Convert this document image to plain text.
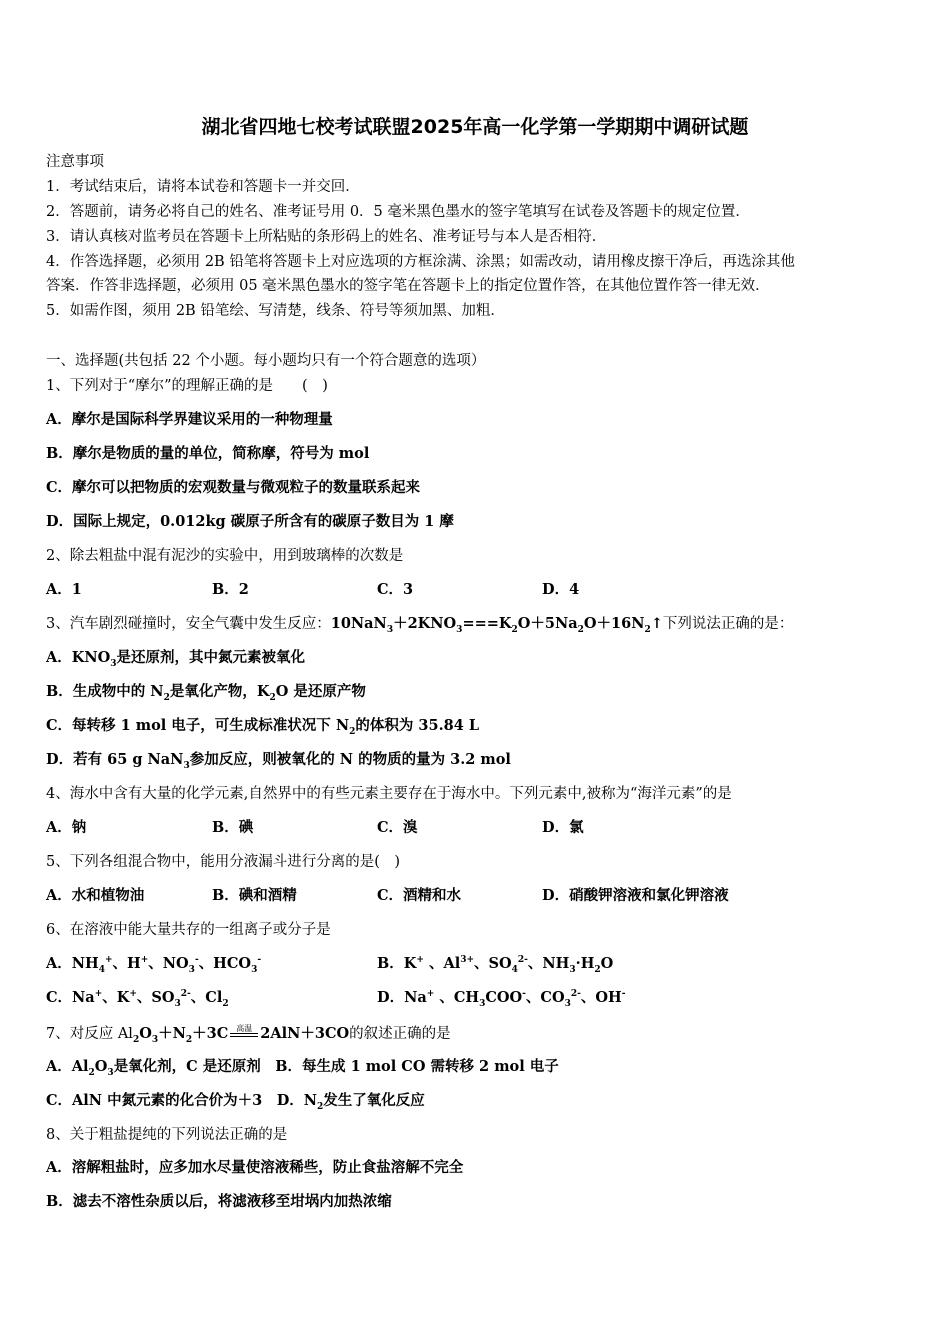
湖北省四地七校考试联盟2025年高一化学第一学期期中调研试题
注意事项
1．考试结束后，请将本试卷和答题卡一并交回．
2．答题前，请务必将自己的姓名、准考证号用 0．5 毫米黑色墨水的签字笔填写在试卷及答题卡的规定位置．
3．请认真核对监考员在答题卡上所粘贴的条形码上的姓名、准考证号与本人是否相符．
4．作答选择题，必须用 2B 铅笔将答题卡上对应选项的方框涂满、涂黑；如需改动，请用橡皮擦干净后，再选涂其他
答案．作答非选择题，必须用 05 毫米黑色墨水的签字笔在答题卡上的指定位置作答，在其他位置作答一律无效．
5．如需作图，须用 2B 铅笔绘、写清楚，线条、符号等须加黑、加粗．
一、选择题(共包括 22 个小题。每小题均只有一个符合题意的选项）
1、下列对于“摩尔”的理解正确的是　　(　)
A．摩尔是国际科学界建议采用的一种物理量
B．摩尔是物质的量的单位，简称摩，符号为 mol
C．摩尔可以把物质的宏观数量与微观粒子的数量联系起来
D．国际上规定，0.012kg 碳原子所含有的碳原子数目为 1 摩
2、除去粗盐中混有泥沙的实验中，用到玻璃棒的次数是
A．1	B．2	C．3	D．4
3、汽车剧烈碰撞时，安全气囊中发生反应：$10NaN_3+2KNO_3===K_2O+5Na_2O+16N_2↑$下列说法正确的是：
A．$KNO_3$是还原剂，其中氮元素被氧化
B．生成物中的 $N_2$是氧化产物，$K_2O$ 是还原产物
C．每转移 1 mol 电子，可生成标准状况下 $N_2$的体积为 35.84 L
D．若有 65 g NaN$_3$参加反应，则被氧化的 N 的物质的量为 3.2 mol
4、海水中含有大量的化学元素,自然界中的有些元素主要存在于海水中。下列元素中,被称为“海洋元素”的是
A．钠	B．碘	C．溴	D．氯
5、下列各组混合物中，能用分液漏斗进行分离的是(　)
A．水和植物油	B．碘和酒精	C．酒精和水	D．硝酸钾溶液和氯化钾溶液
6、在溶液中能大量共存的一组离子或分子是
A．$NH_4^+$、H+、$NO_3^-$、$HCO_3^-$	B．K+ 、$Al^{3+}$、$SO_4^{2-}$、$NH_3\cdot H_2O$
C．Na+、K+、$SO_3^{2-}$、$Cl_2$	D．Na+ 、$CH_3COO^-$、$CO_3^{2-}$、OH-
7、对反应 $Al_2O_3+N_2+3C$	高温 2AlN＋3CO的叙述正确的是
A．$Al_2O_3$是氧化剂，C 是还原剂　B．每生成 1 mol CO 需转移 2 mol 电子
C．AlN 中氮元素的化合价为＋3　D．$N_2$发生了氧化反应
8、关于粗盐提纯的下列说法正确的是
A．溶解粗盐时，应多加水尽量使溶液稀些，防止食盐溶解不完全
B．滤去不溶性杂质以后，将滤液移至坩埚内加热浓缩
